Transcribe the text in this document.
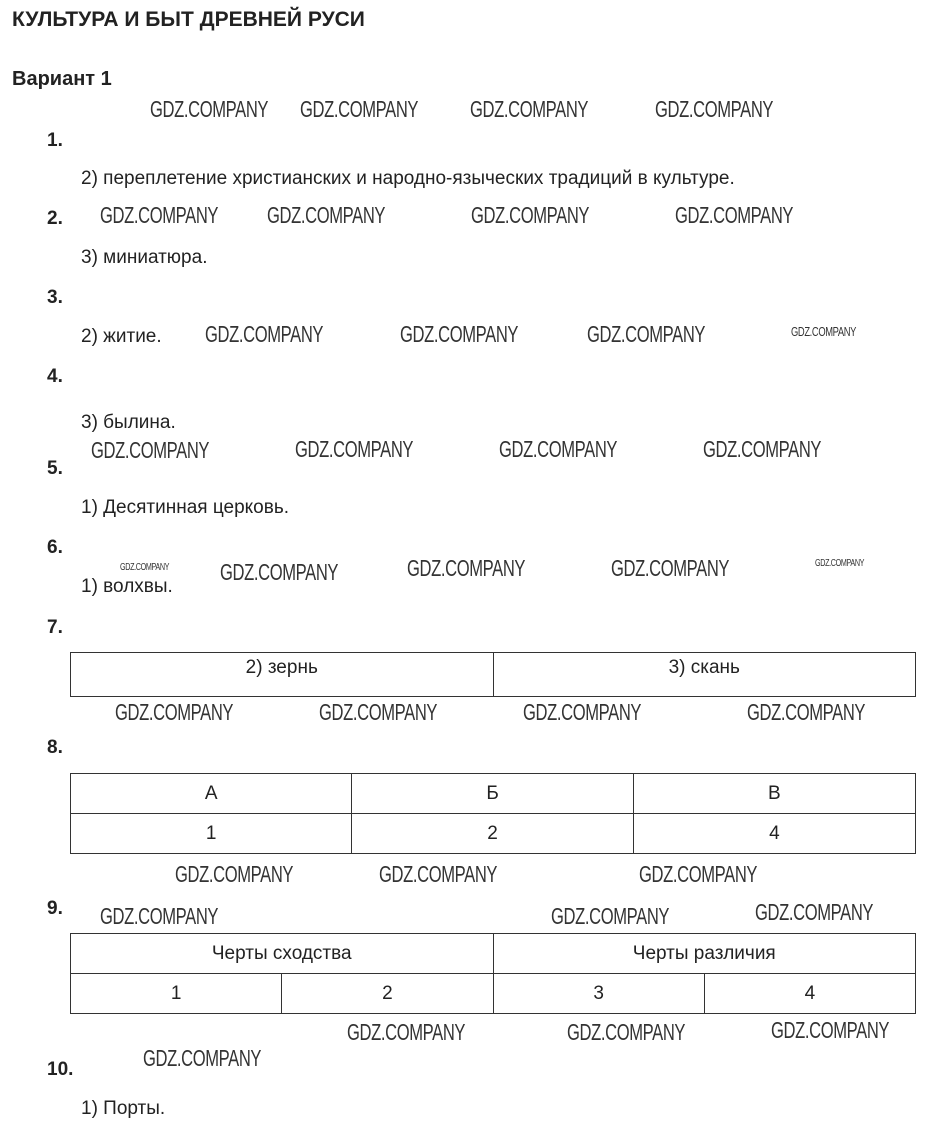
КУЛЬТУРА И БЫТ ДРЕВНЕЙ РУСИ
Вариант 1
1.
2) переплетение христианских и народно-языческих традиций в культуре.
2.
3) миниатюра.
3.
2) житие.
4.
3) былина.
5.
1) Десятинная церковь.
6.
1) волхвы.
7.
2) зернь	3) скань
8.
А	Б	В
1	2	4
9.
Черты сходства		Черты различия	
1	2	3	4
10.
1) Порты.
GDZ.COMPANY GDZ.COMPANY GDZ.COMPANY	GDZ.COMPANY
GDZ.COMPANY GDZ.COMPANY	GDZ.COMPANY	GDZ.COMPANY
GDZ.COMPANY	GDZ.COMPANY	GDZ.COMPANY	GDZ.COMPANY
GDZ.COMPANY	GDZ.COMPANY	GDZ.COMPANY	GDZ.COMPANY
GDZ.COMPANY GDZ.COMPANY	GDZ.COMPANY	GDZ.COMPANY	GDZ.COMPANY
GDZ.COMPANY	GDZ.COMPANY	GDZ.COMPANY	GDZ.COMPANY
GDZ.COMPANY	GDZ.COMPANY	GDZ.COMPANY
GDZ.COMPANY	GDZ.COMPANY	GDZ.COMPANY
GDZ.COMPANY	GDZ.COMPANY	GDZ.COMPANY
GDZ.COMPANY
